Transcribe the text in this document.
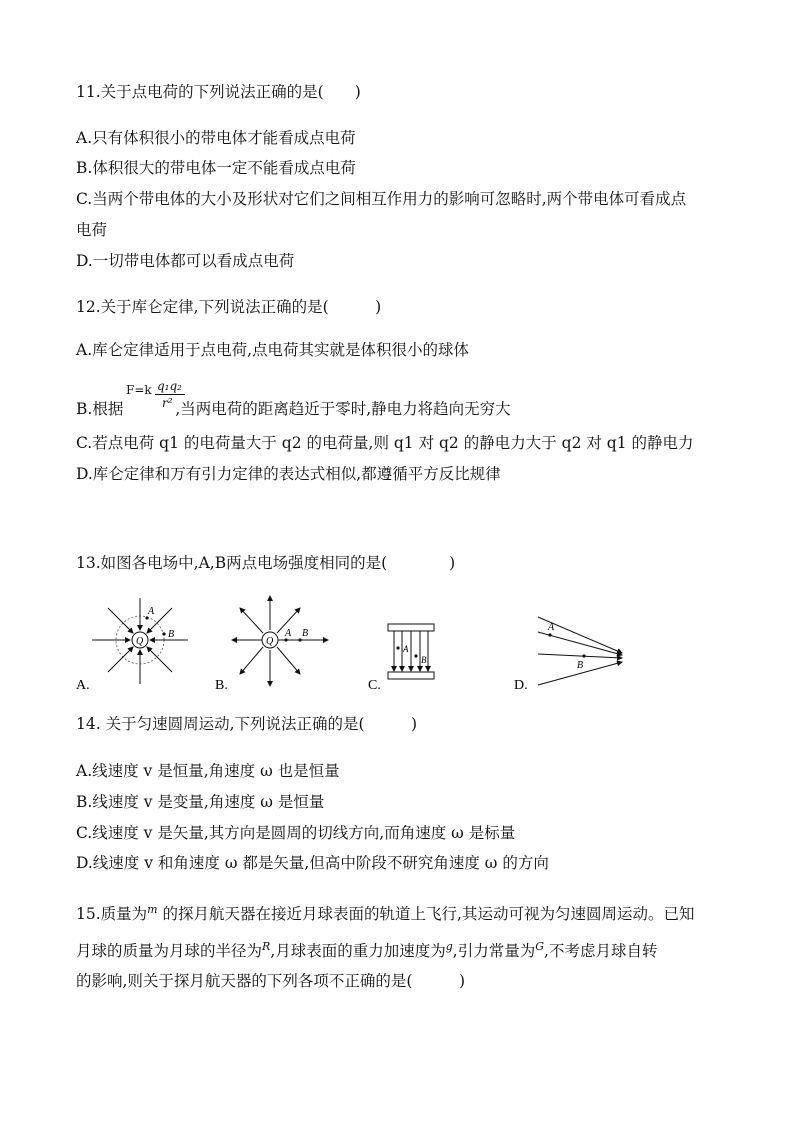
11.关于点电荷的下列说法正确的是(　　)
A.只有体积很小的带电体才能看成点电荷
B.体积很大的带电体一定不能看成点电荷
C.当两个带电体的大小及形状对它们之间相互作用力的影响可忽略时,两个带电体可看成点
电荷
D.一切带电体都可以看成点电荷
12.关于库仑定律,下列说法正确的是(　　　)
A.库仑定律适用于点电荷,点电荷其实就是体积很小的球体
B.根据	,当两电荷的距离趋近于零时,静电力将趋向无穷大
F=k q₁q₂
r²
C.若点电荷 q1 的电荷量大于 q2 的电荷量,则 q1 对 q2 的静电力大于 q2 对 q1 的静电力
D.库仑定律和万有引力定律的表达式相似,都遵循平方反比规律
13.如图各电场中,A,B两点电场强度相同的是(　　　　)
Q
A
B
A.
Q
A B
B.
A
B
C.
A
B
D.
14. 关于匀速圆周运动,下列说法正确的是(　　　)
A.线速度 v 是恒量,角速度 ω 也是恒量
B.线速度 v 是变量,角速度 ω 是恒量
C.线速度 v 是矢量,其方向是圆周的切线方向,而角速度 ω 是标量
D.线速度 v 和角速度 ω 都是矢量,但高中阶段不研究角速度 ω 的方向
15.质量为$^m$ 的探月航天器在接近月球表面的轨道上飞行,其运动可视为匀速圆周运动。已知
月球的质量为月球的半径为$^R$,月球表面的重力加速度为$^g$,引力常量为$^G$,不考虑月球自转
的影响,则关于探月航天器的下列各项不正确的是(　　　)
